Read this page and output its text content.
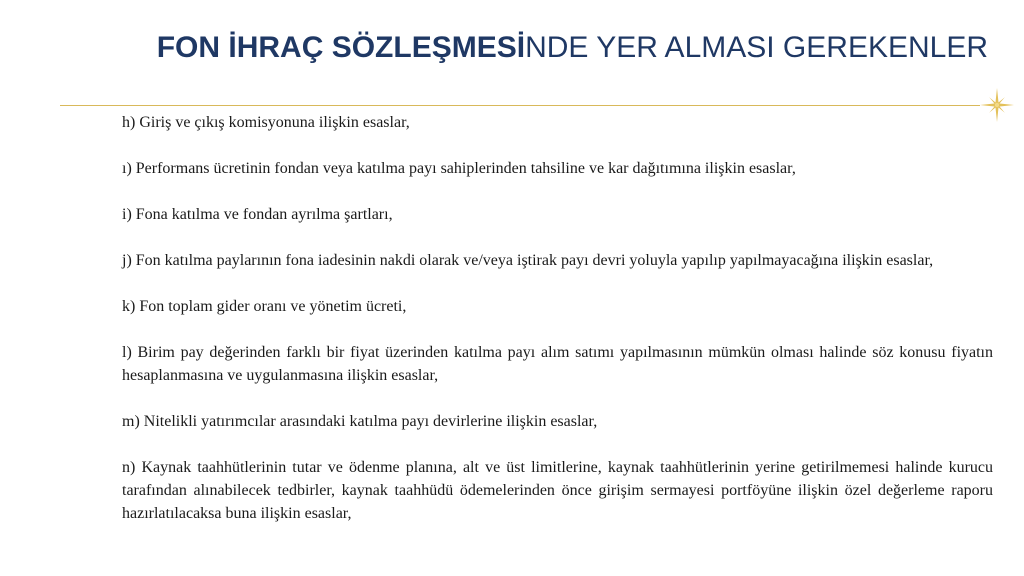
FON İHRAÇ SÖZLEŞMESİNDE YER ALMASI GEREKENLER

h) Giriş ve çıkış komisyonuna ilişkin esaslar,

ı) Performans ücretinin fondan veya katılma payı sahiplerinden tahsiline ve kar dağıtımına ilişkin esaslar,

i) Fona katılma ve fondan ayrılma şartları,

j) Fon katılma paylarının fona iadesinin nakdi olarak ve/veya iştirak payı devri yoluyla yapılıp yapılmayacağına ilişkin esaslar,

k) Fon toplam gider oranı ve yönetim ücreti,

l) Birim pay değerinden farklı bir fiyat üzerinden katılma payı alım satımı yapılmasının mümkün olması halinde söz konusu fiyatın hesaplanmasına ve uygulanmasına ilişkin esaslar,

m) Nitelikli yatırımcılar arasındaki katılma payı devirlerine ilişkin esaslar,

n) Kaynak taahhütlerinin tutar ve ödenme planına, alt ve üst limitlerine, kaynak taahhütlerinin yerine getirilmemesi halinde kurucu tarafından alınabilecek tedbirler, kaynak taahhüdü ödemelerinden önce girişim sermayesi portföyüne ilişkin özel değerleme raporu hazırlatılacaksa buna ilişkin esaslar,
